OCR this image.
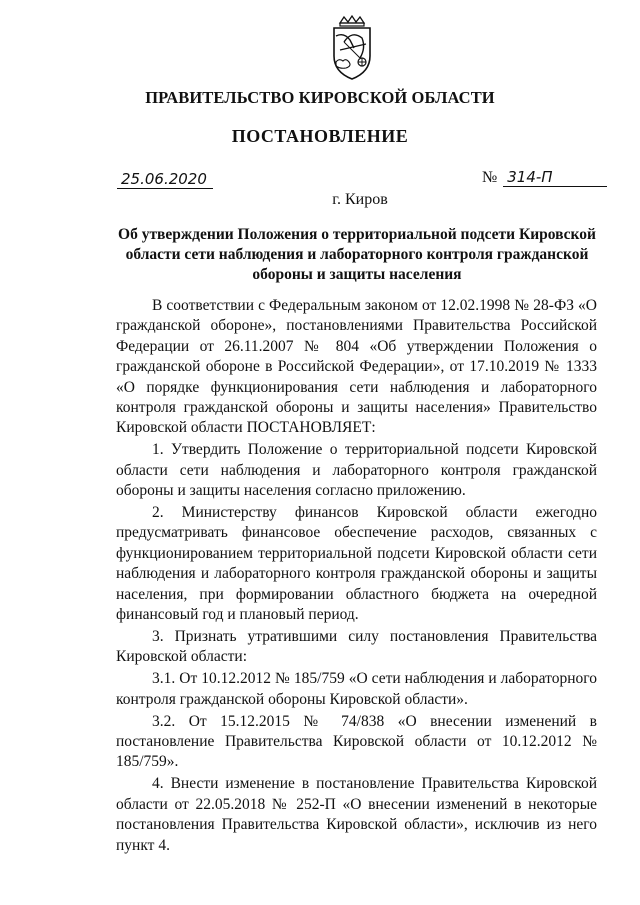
ПРАВИТЕЛЬСТВО КИРОВСКОЙ ОБЛАСТИ
ПОСТАНОВЛЕНИЕ
25.06.2020	№ 314-П
г. Киров
Об утверждении Положения о территориальной подсети Кировской области сети наблюдения и лабораторного контроля гражданской обороны и защиты населения

В соответствии с Федеральным законом от 12.02.1998 № 28-ФЗ «О гражданской обороне», постановлениями Правительства Российской Федерации от 26.11.2007 № 804 «Об утверждении Положения о гражданской обороне в Российской Федерации», от 17.10.2019 № 1333 «О порядке функционирования сети наблюдения и лабораторного контроля гражданской обороны и защиты населения» Правительство Кировской области ПОСТАНОВЛЯЕТ:

1. Утвердить Положение о территориальной подсети Кировской области сети наблюдения и лабораторного контроля гражданской обороны и защиты населения согласно приложению.

2. Министерству финансов Кировской области ежегодно предусматривать финансовое обеспечение расходов, связанных с функционированием территориальной подсети Кировской области сети наблюдения и лабораторного контроля гражданской обороны и защиты населения, при формировании областного бюджета на очередной финансовый год и плановый период.

3. Признать утратившими силу постановления Правительства Кировской области:

3.1. От 10.12.2012 № 185/759 «О сети наблюдения и лабораторного контроля гражданской обороны Кировской области».

3.2. От 15.12.2015 № 74/838 «О внесении изменений в постановление Правительства Кировской области от 10.12.2012 № 185/759».

4. Внести изменение в постановление Правительства Кировской области от 22.05.2018 № 252-П «О внесении изменений в некоторые постановления Правительства Кировской области», исключив из него пункт 4.
